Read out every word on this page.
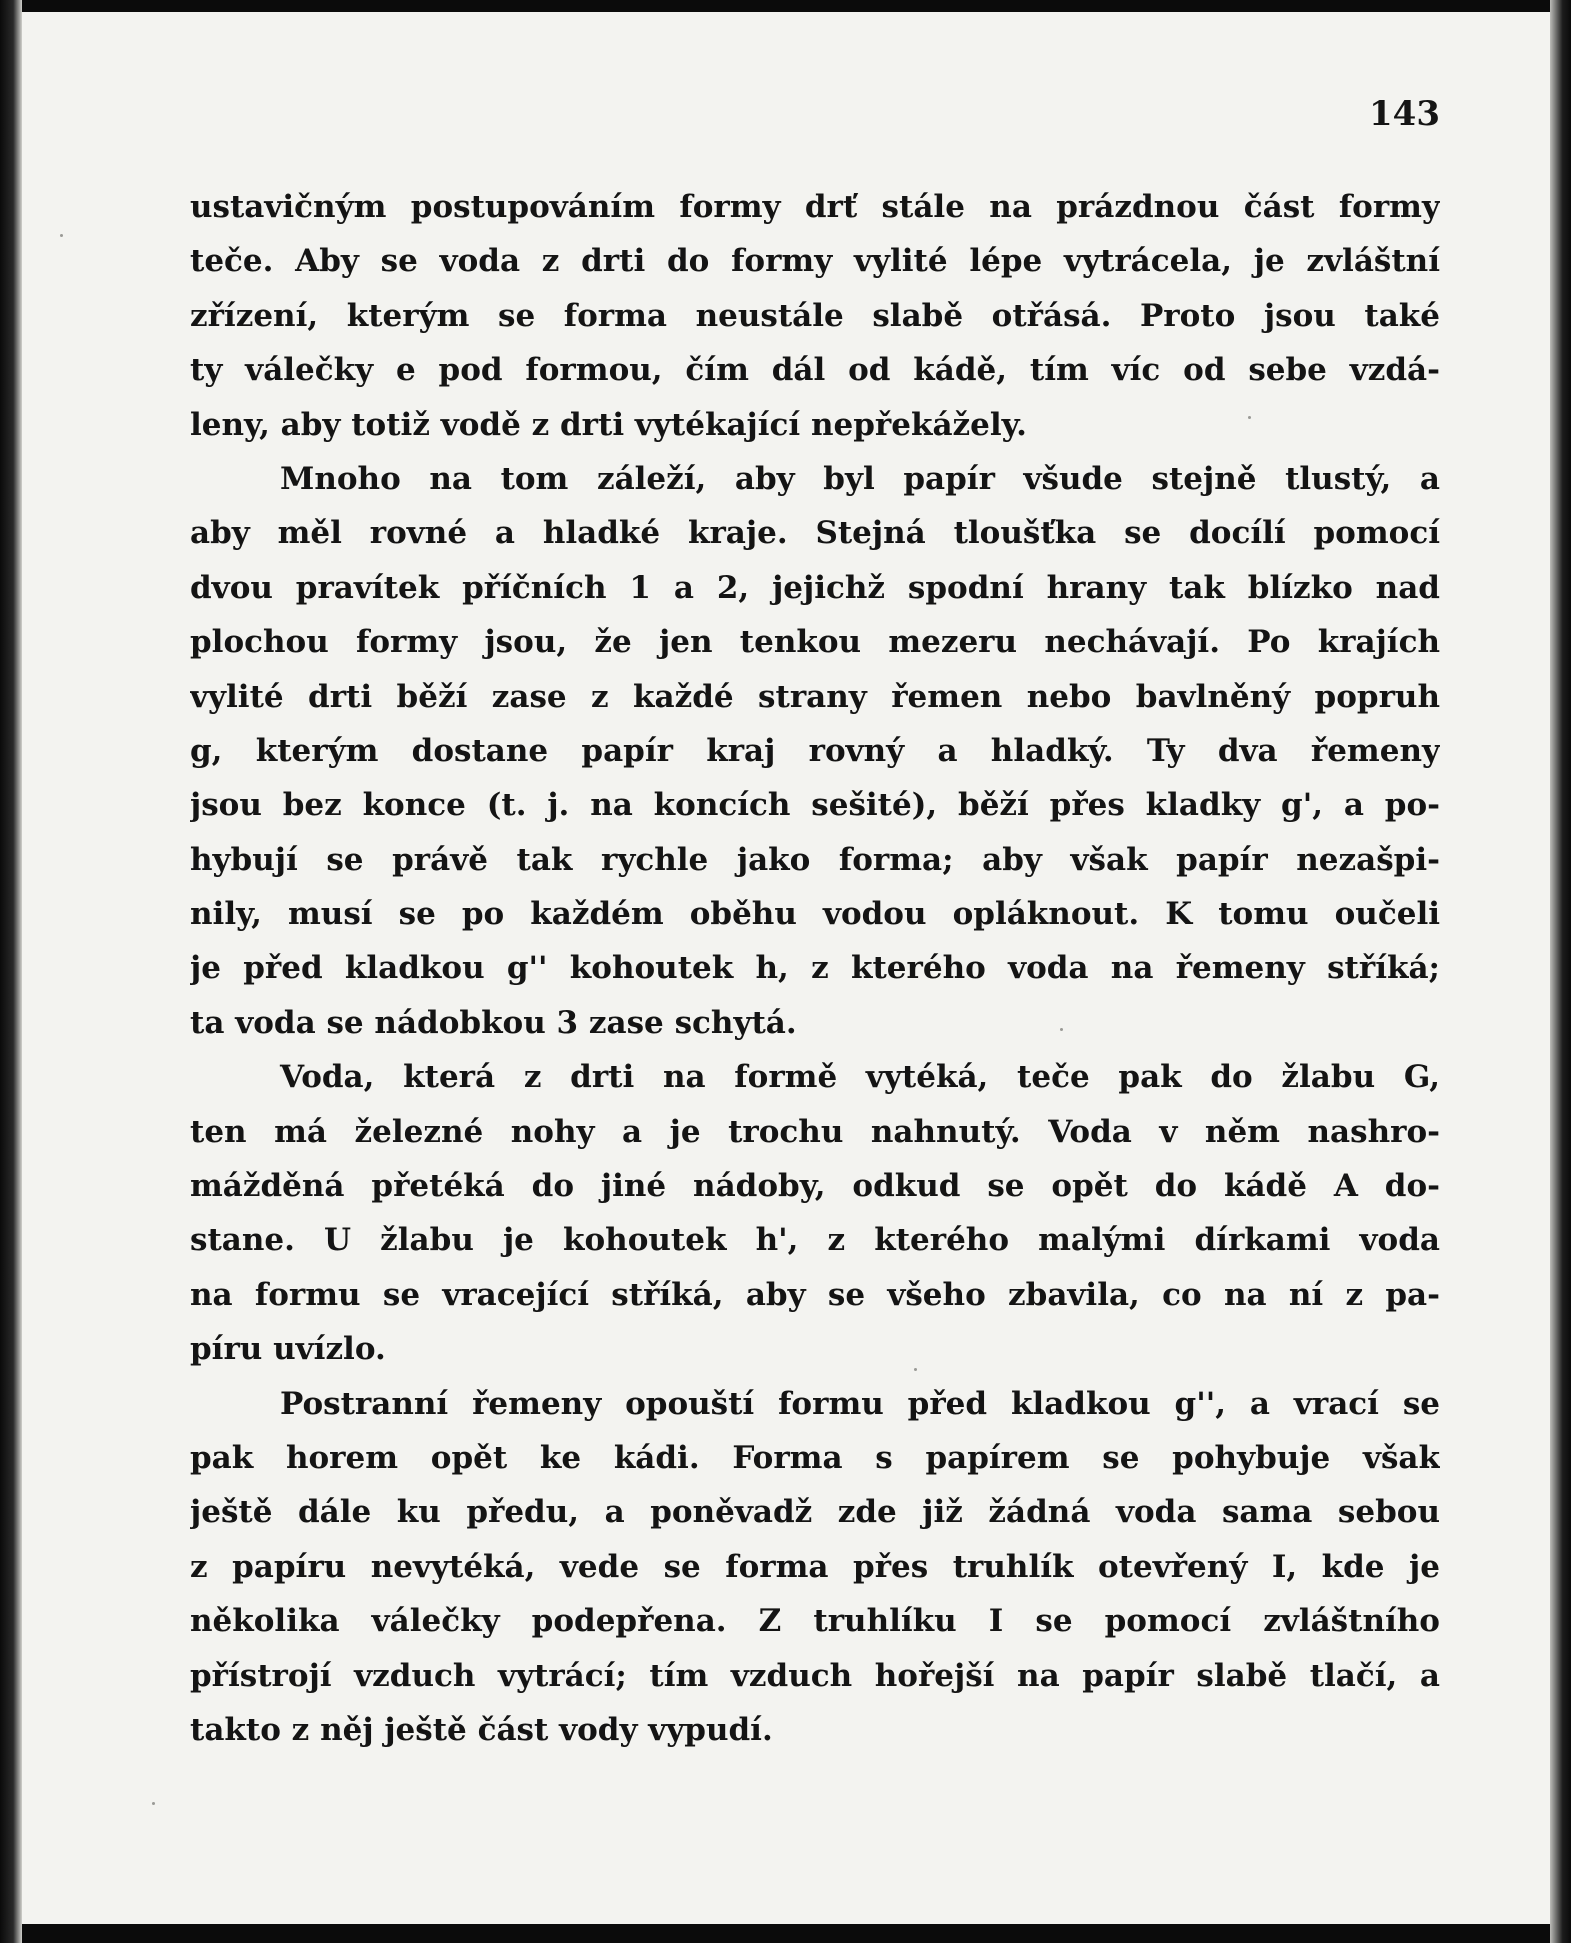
143

ustavičným postupováním formy drť stále na prázdnou část formy
teče. Aby se voda z drti do formy vylité lépe vytrácela, je zvláštní
zřízení, kterým se forma neustále slabě otřásá. Proto jsou také
ty válečky e pod formou, čím dál od kádě, tím víc od sebe vzdá-
leny, aby totiž vodě z drti vytékající nepřekážely.
Mnoho na tom záleží, aby byl papír všude stejně tlustý, a
aby měl rovné a hladké kraje. Stejná tloušťka se docílí pomocí
dvou pravítek příčních 1 a 2, jejichž spodní hrany tak blízko nad
plochou formy jsou, že jen tenkou mezeru nechávají. Po krajích
vylité drti běží zase z každé strany řemen nebo bavlněný popruh
g, kterým dostane papír kraj rovný a hladký. Ty dva řemeny
jsou bez konce (t. j. na koncích sešité), běží přes kladky g', a po-
hybují se právě tak rychle jako forma; aby však papír nezašpi-
nily, musí se po každém oběhu vodou opláknout. K tomu oučeli
je před kladkou g'' kohoutek h, z kterého voda na řemeny stříká;
ta voda se nádobkou 3 zase schytá.
Voda, která z drti na formě vytéká, teče pak do žlabu G,
ten má železné nohy a je trochu nahnutý. Voda v něm nashro-
mážděná přetéká do jiné nádoby, odkud se opět do kádě A do-
stane. U žlabu je kohoutek h', z kterého malými dírkami voda
na formu se vracející stříká, aby se všeho zbavila, co na ní z pa-
píru uvízlo.
Postranní řemeny opouští formu před kladkou g'', a vrací se
pak horem opět ke kádi. Forma s papírem se pohybuje však
ještě dále ku předu, a poněvadž zde již žádná voda sama sebou
z papíru nevytéká, vede se forma přes truhlík otevřený I, kde je
několika válečky podepřena. Z truhlíku I se pomocí zvláštního
přístrojí vzduch vytrácí; tím vzduch hořejší na papír slabě tlačí, a
takto z něj ještě část vody vypudí.
